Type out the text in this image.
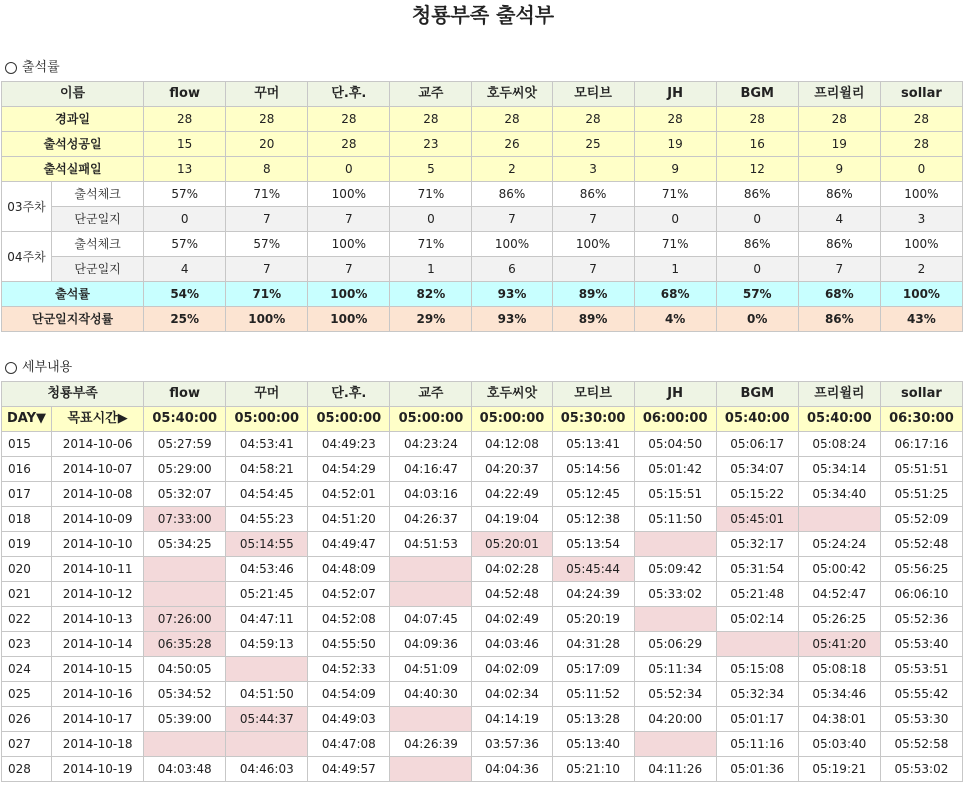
청룡부족 출석부
출석률
이름		flow	꾸머	단.후.	교주	호두씨앗	모티브	JH	BGM	프리윌리	sollar
경과일		28	28	28	28	28	28	28	28	28	28
출석성공일		15	20	28	23	26	25	19	16	19	28
출석실패일		13	8	0	5	2	3	9	12	9	0
03주차	출석체크	57%	71%	100%	71%	86%	86%	71%	86%	86%	100%
	단군일지	0	7	7	0	7	7	0	0	4	3
04주차	출석체크	57%	57%	100%	71%	100%	100%	71%	86%	86%	100%
	단군일지	4	7	7	1	6	7	1	0	7	2
출석률		54%	71%	100%	82%	93%	89%	68%	57%	68%	100%
단군일지작성률		25%	100%	100%	29%	93%	89%	4%	0%	86%	43%
세부내용
청룡부족		flow	꾸머	단.후.	교주	호두씨앗	모티브	JH	BGM	프리윌리	sollar
DAY▼	목표시간▶	05:40:00	05:00:00	05:00:00	05:00:00	05:00:00	05:30:00	06:00:00	05:40:00	05:40:00	06:30:00
015	2014-10-06	05:27:59	04:53:41	04:49:23	04:23:24	04:12:08	05:13:41	05:04:50	05:06:17	05:08:24	06:17:16
016	2014-10-07	05:29:00	04:58:21	04:54:29	04:16:47	04:20:37	05:14:56	05:01:42	05:34:07	05:34:14	05:51:51
017	2014-10-08	05:32:07	04:54:45	04:52:01	04:03:16	04:22:49	05:12:45	05:15:51	05:15:22	05:34:40	05:51:25
018	2014-10-09	07:33:00	04:55:23	04:51:20	04:26:37	04:19:04	05:12:38	05:11:50	05:45:01		05:52:09
019	2014-10-10	05:34:25	05:14:55	04:49:47	04:51:53	05:20:01	05:13:54		05:32:17	05:24:24	05:52:48
020	2014-10-11		04:53:46	04:48:09		04:02:28	05:45:44	05:09:42	05:31:54	05:00:42	05:56:25
021	2014-10-12		05:21:45	04:52:07		04:52:48	04:24:39	05:33:02	05:21:48	04:52:47	06:06:10
022	2014-10-13	07:26:00	04:47:11	04:52:08	04:07:45	04:02:49	05:20:19		05:02:14	05:26:25	05:52:36
023	2014-10-14	06:35:28	04:59:13	04:55:50	04:09:36	04:03:46	04:31:28	05:06:29		05:41:20	05:53:40
024	2014-10-15	04:50:05		04:52:33	04:51:09	04:02:09	05:17:09	05:11:34	05:15:08	05:08:18	05:53:51
025	2014-10-16	05:34:52	04:51:50	04:54:09	04:40:30	04:02:34	05:11:52	05:52:34	05:32:34	05:34:46	05:55:42
026	2014-10-17	05:39:00	05:44:37	04:49:03		04:14:19	05:13:28	04:20:00	05:01:17	04:38:01	05:53:30
027	2014-10-18			04:47:08	04:26:39	03:57:36	05:13:40		05:11:16	05:03:40	05:52:58
028	2014-10-19	04:03:48	04:46:03	04:49:57		04:04:36	05:21:10	04:11:26	05:01:36	05:19:21	05:53:02
